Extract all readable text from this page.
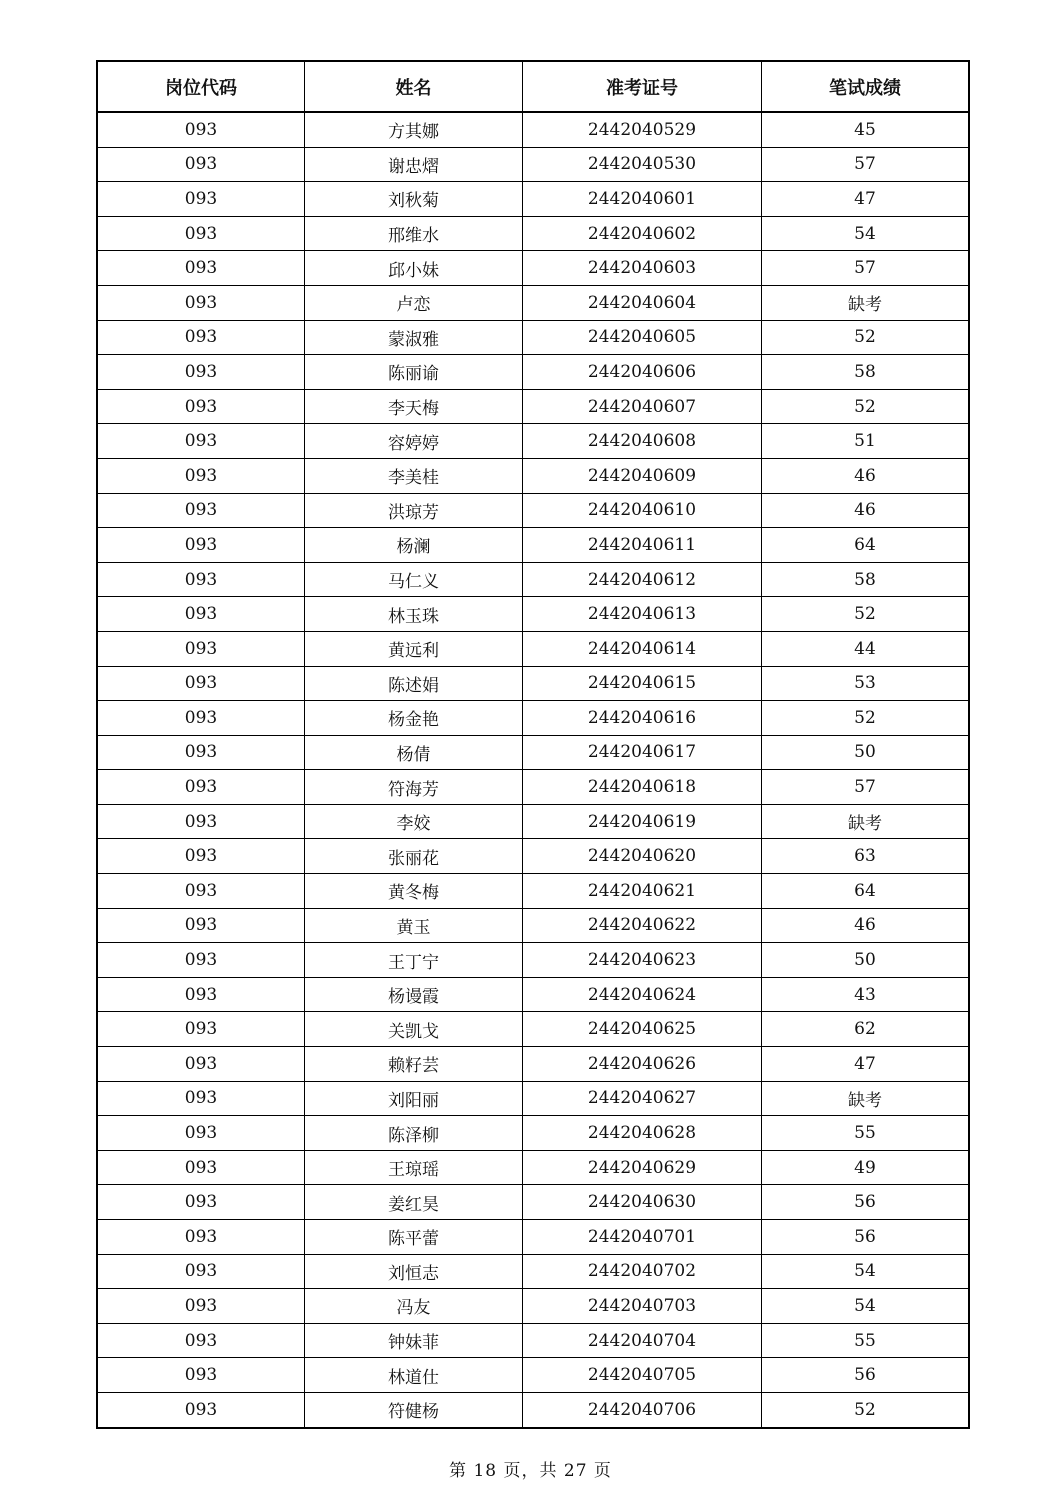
岗位代码	姓名	准考证号	笔试成绩
093	方其娜	2442040529	45
093	谢忠熠	2442040530	57
093	刘秋菊	2442040601	47
093	邢维水	2442040602	54
093	邱小妹	2442040603	57
093	卢恋	2442040604	缺考
093	蒙淑雅	2442040605	52
093	陈丽谕	2442040606	58
093	李天梅	2442040607	52
093	容婷婷	2442040608	51
093	李美桂	2442040609	46
093	洪琼芳	2442040610	46
093	杨澜	2442040611	64
093	马仁义	2442040612	58
093	林玉珠	2442040613	52
093	黄远利	2442040614	44
093	陈述娟	2442040615	53
093	杨金艳	2442040616	52
093	杨倩	2442040617	50
093	符海芳	2442040618	57
093	李姣	2442040619	缺考
093	张丽花	2442040620	63
093	黄冬梅	2442040621	64
093	黄玉	2442040622	46
093	王丁宁	2442040623	50
093	杨谩霞	2442040624	43
093	关凯戈	2442040625	62
093	赖籽芸	2442040626	47
093	刘阳丽	2442040627	缺考
093	陈泽柳	2442040628	55
093	王琼瑶	2442040629	49
093	姜红昊	2442040630	56
093	陈平蕾	2442040701	56
093	刘恒志	2442040702	54
093	冯友	2442040703	54
093	钟妹菲	2442040704	55
093	林道仕	2442040705	56
093	符健杨	2442040706	52
第 18 页，共 27 页
